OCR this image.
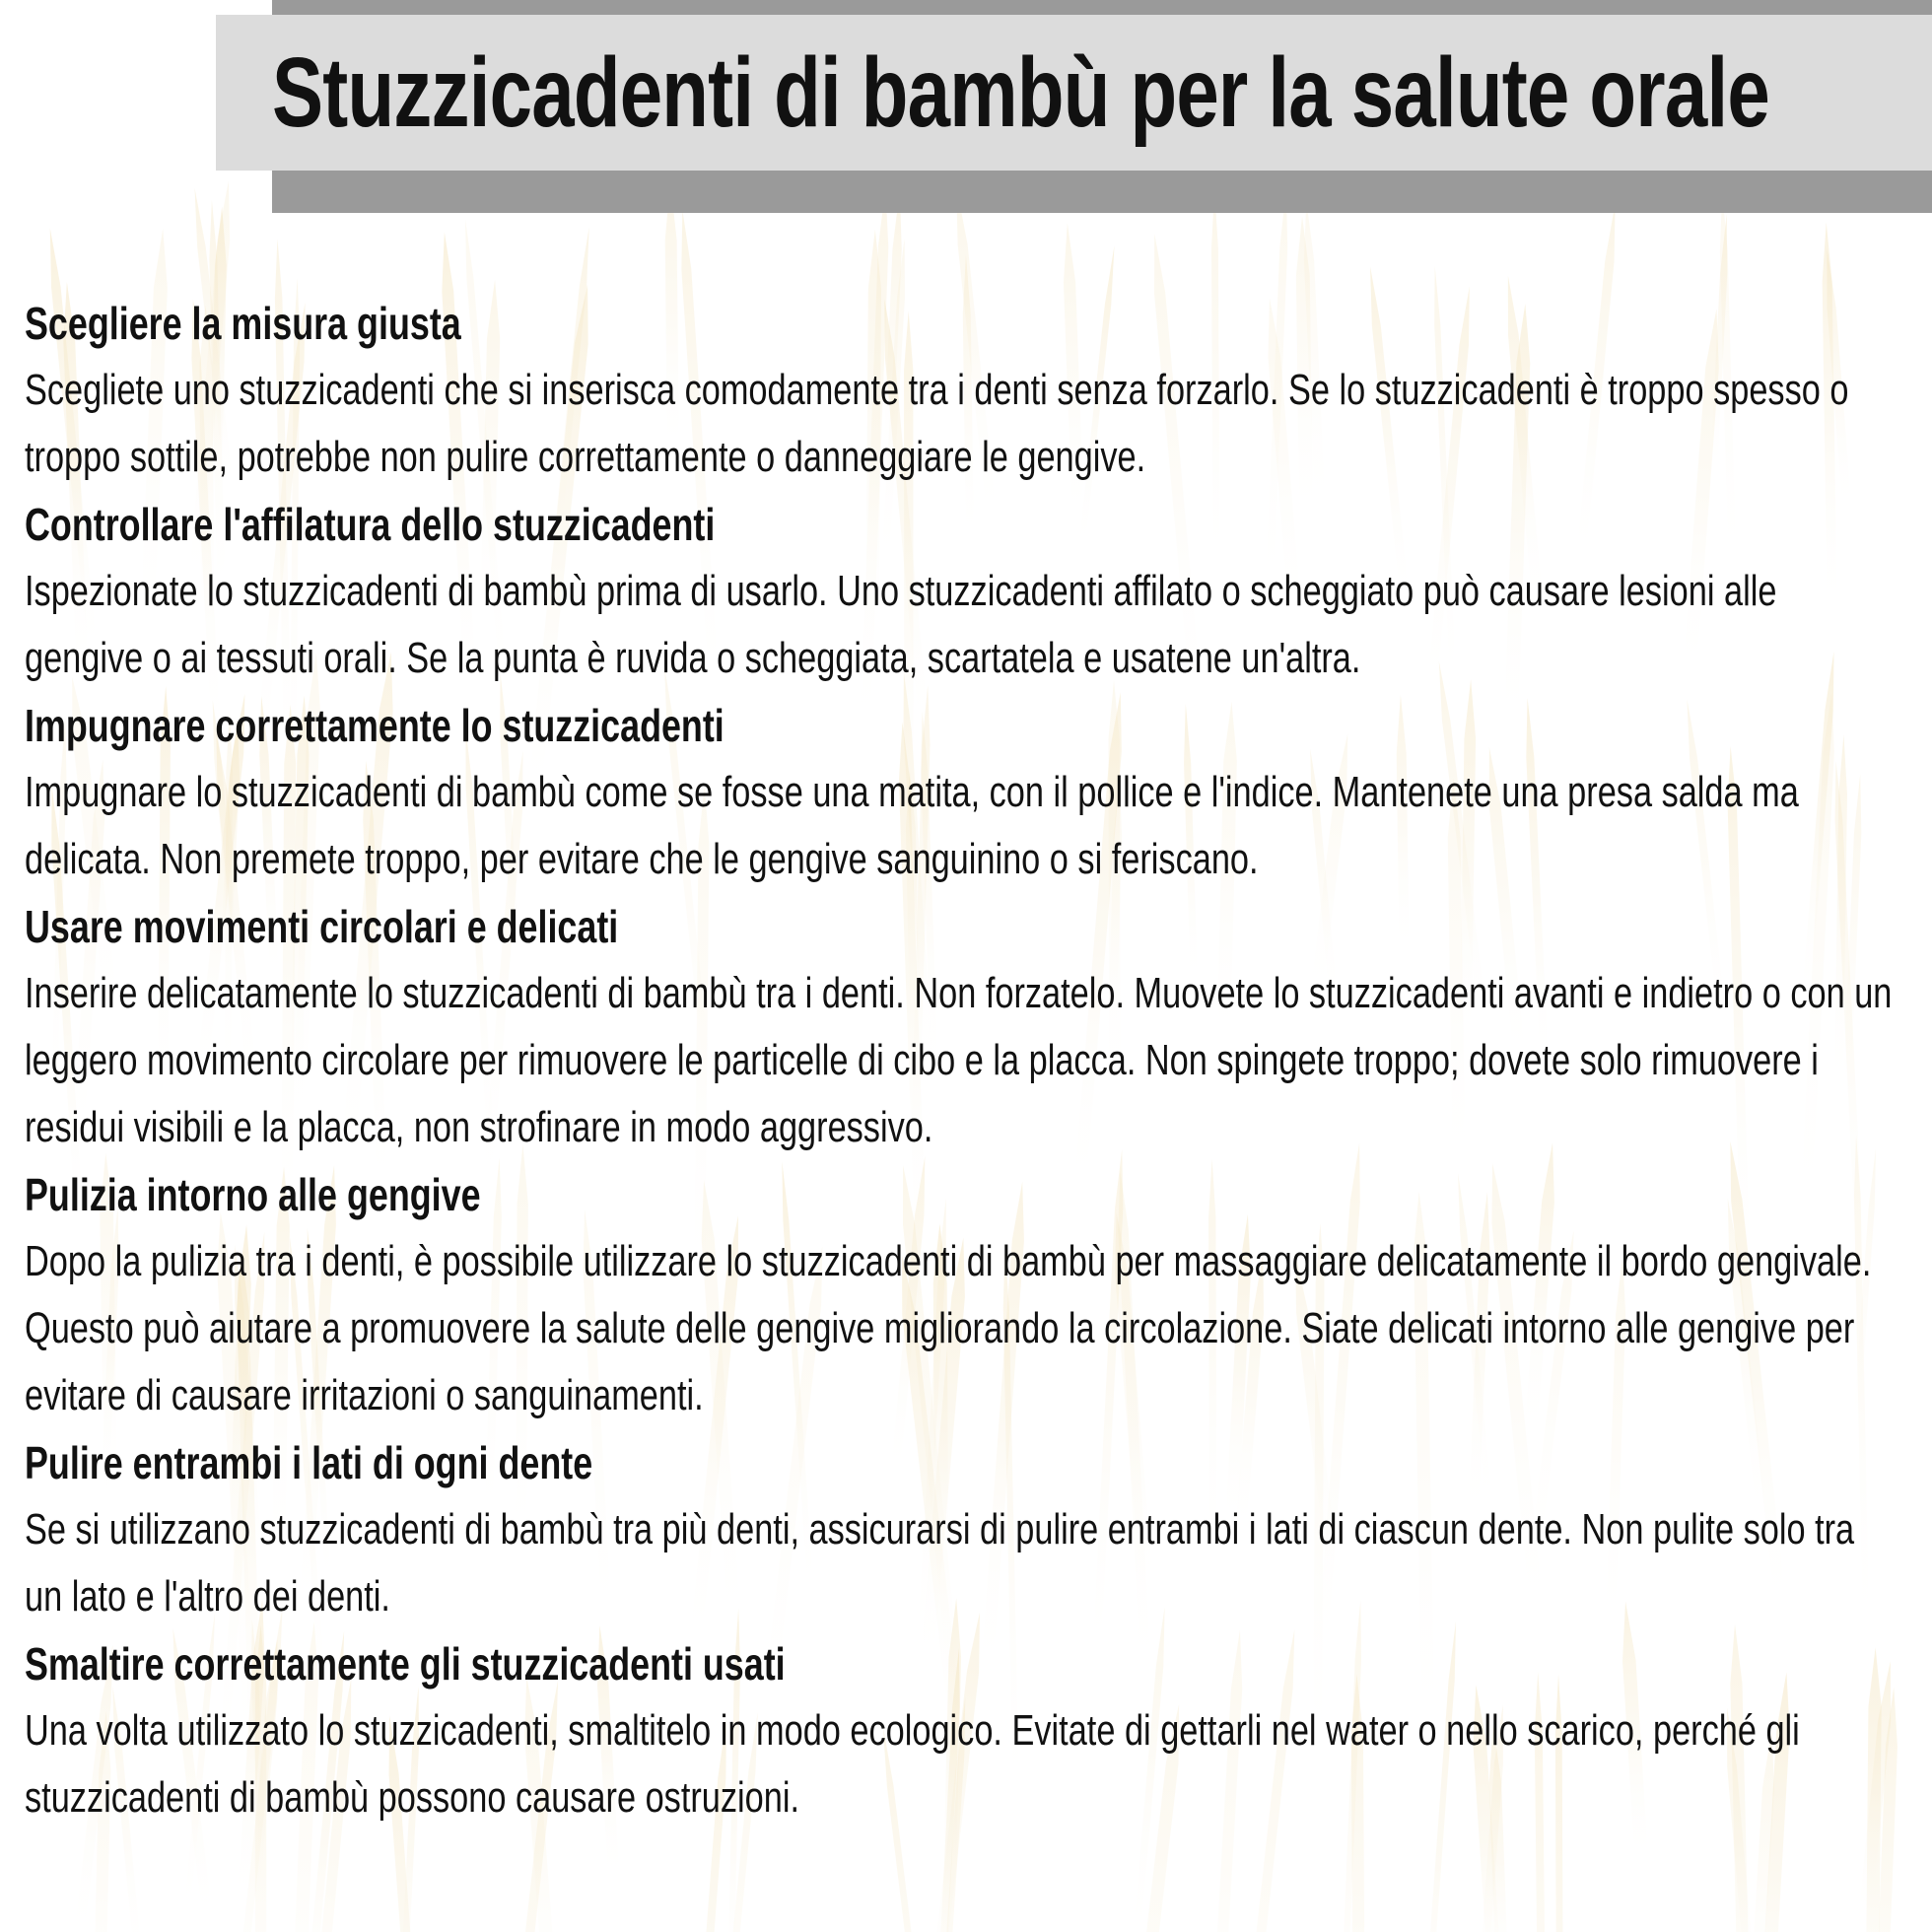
Stuzzicadenti di bambù per la salute orale
Scegliere la misura giusta

Scegliete uno stuzzicadenti che si inserisca comodamente tra i denti senza forzarlo. Se lo stuzzicadenti è troppo spesso o troppo sottile, potrebbe non pulire correttamente o danneggiare le gengive.

Controllare l'affilatura dello stuzzicadenti

Ispezionate lo stuzzicadenti di bambù prima di usarlo. Uno stuzzicadenti affilato o scheggiato può causare lesioni alle gengive o ai tessuti orali. Se la punta è ruvida o scheggiata, scartatela e usatene un'altra.

Impugnare correttamente lo stuzzicadenti

Impugnare lo stuzzicadenti di bambù come se fosse una matita, con il pollice e l'indice. Mantenete una presa salda ma delicata. Non premete troppo, per evitare che le gengive sanguinino o si feriscano.

Usare movimenti circolari e delicati

Inserire delicatamente lo stuzzicadenti di bambù tra i denti. Non forzatelo. Muovete lo stuzzicadenti avanti e indietro o con un leggero movimento circolare per rimuovere le particelle di cibo e la placca. Non spingete troppo; dovete solo rimuovere i residui visibili e la placca, non strofinare in modo aggressivo.

Pulizia intorno alle gengive

Dopo la pulizia tra i denti, è possibile utilizzare lo stuzzicadenti di bambù per massaggiare delicatamente il bordo gengivale. Questo può aiutare a promuovere la salute delle gengive migliorando la circolazione. Siate delicati intorno alle gengive per evitare di causare irritazioni o sanguinamenti.

Pulire entrambi i lati di ogni dente

Se si utilizzano stuzzicadenti di bambù tra più denti, assicurarsi di pulire entrambi i lati di ciascun dente. Non pulite solo tra un lato e l'altro dei denti.

Smaltire correttamente gli stuzzicadenti usati

Una volta utilizzato lo stuzzicadenti, smaltitelo in modo ecologico. Evitate di gettarli nel water o nello scarico, perché gli stuzzicadenti di bambù possono causare ostruzioni.
